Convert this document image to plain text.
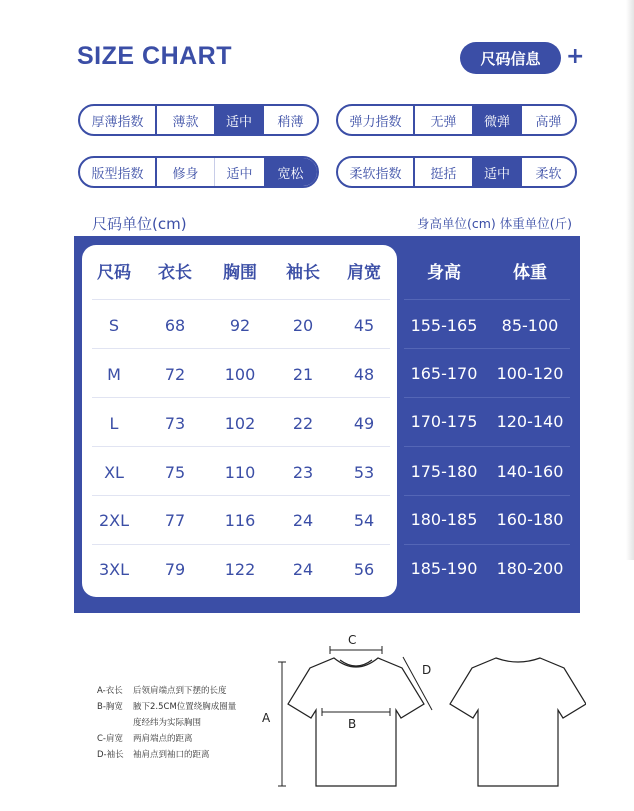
SIZE CHART	尺码信息	+
厚薄指数	薄款	适中	稍薄	弹力指数	无弹	微弹	高弹
版型指数	修身	适中	宽松	柔软指数	挺括	适中	柔软
尺码单位(cm)	身高单位(cm) 体重单位(斤)
尺码	衣长	胸围	袖长	肩宽	身高	体重
S	68	92	20	45	155-165	85-100
M	72	100	21	48	165-170	100-120
L	73	102	22	49	170-175	120-140
XL	75	110	23	53	175-180	140-160
2XL	77	116	24	54	180-185	160-180
3XL	79	122	24	56	185-190	180-200
A-衣长 后领肩端点到下摆的长度
B-胸宽 腋下2.5CM位置绕胸成圈量
度经纬为实际胸围
C-肩宽 两肩端点的距离
D-袖长 袖肩点到袖口的距离
A	B
C
D
